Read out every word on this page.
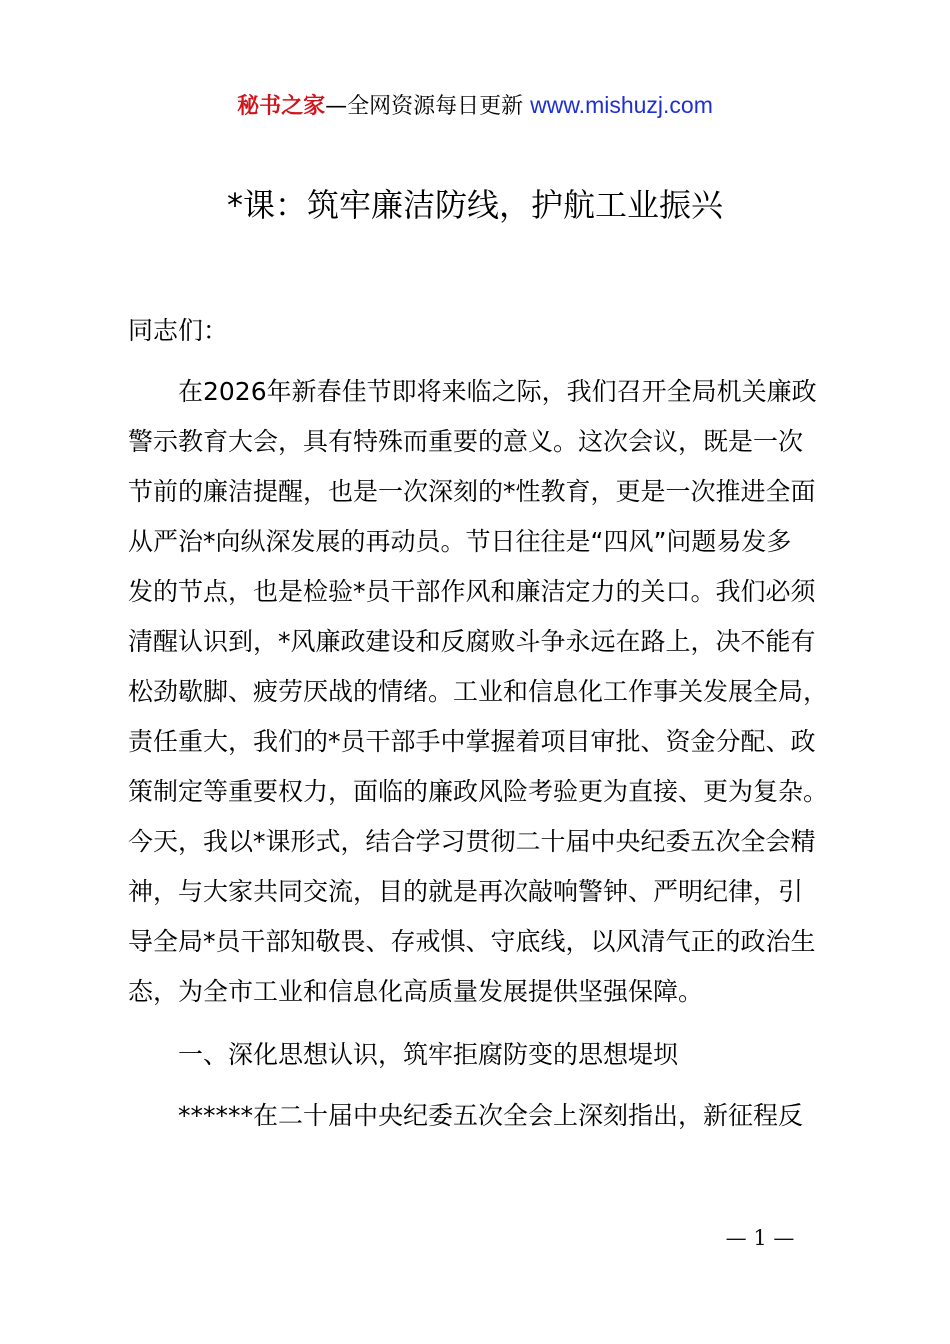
秘书之家—全网资源每日更新 www.mishuzj.com
*课：筑牢廉洁防线，护航工业振兴
同志们：
在2026年新春佳节即将来临之际，我们召开全局机关廉政
警示教育大会，具有特殊而重要的意义。这次会议，既是一次
节前的廉洁提醒，也是一次深刻的*性教育，更是一次推进全面
从严治*向纵深发展的再动员。节日往往是“四风”问题易发多
发的节点，也是检验*员干部作风和廉洁定力的关口。我们必须
清醒认识到，*风廉政建设和反腐败斗争永远在路上，决不能有
松劲歇脚、疲劳厌战的情绪。工业和信息化工作事关发展全局，
责任重大，我们的*员干部手中掌握着项目审批、资金分配、政
策制定等重要权力，面临的廉政风险考验更为直接、更为复杂。
今天，我以*课形式，结合学习贯彻二十届中央纪委五次全会精
神，与大家共同交流，目的就是再次敲响警钟、严明纪律，引
导全局*员干部知敬畏、存戒惧、守底线，以风清气正的政治生
态，为全市工业和信息化高质量发展提供坚强保障。
一、深化思想认识，筑牢拒腐防变的思想堤坝
******在二十届中央纪委五次全会上深刻指出，新征程反
— 1 —
